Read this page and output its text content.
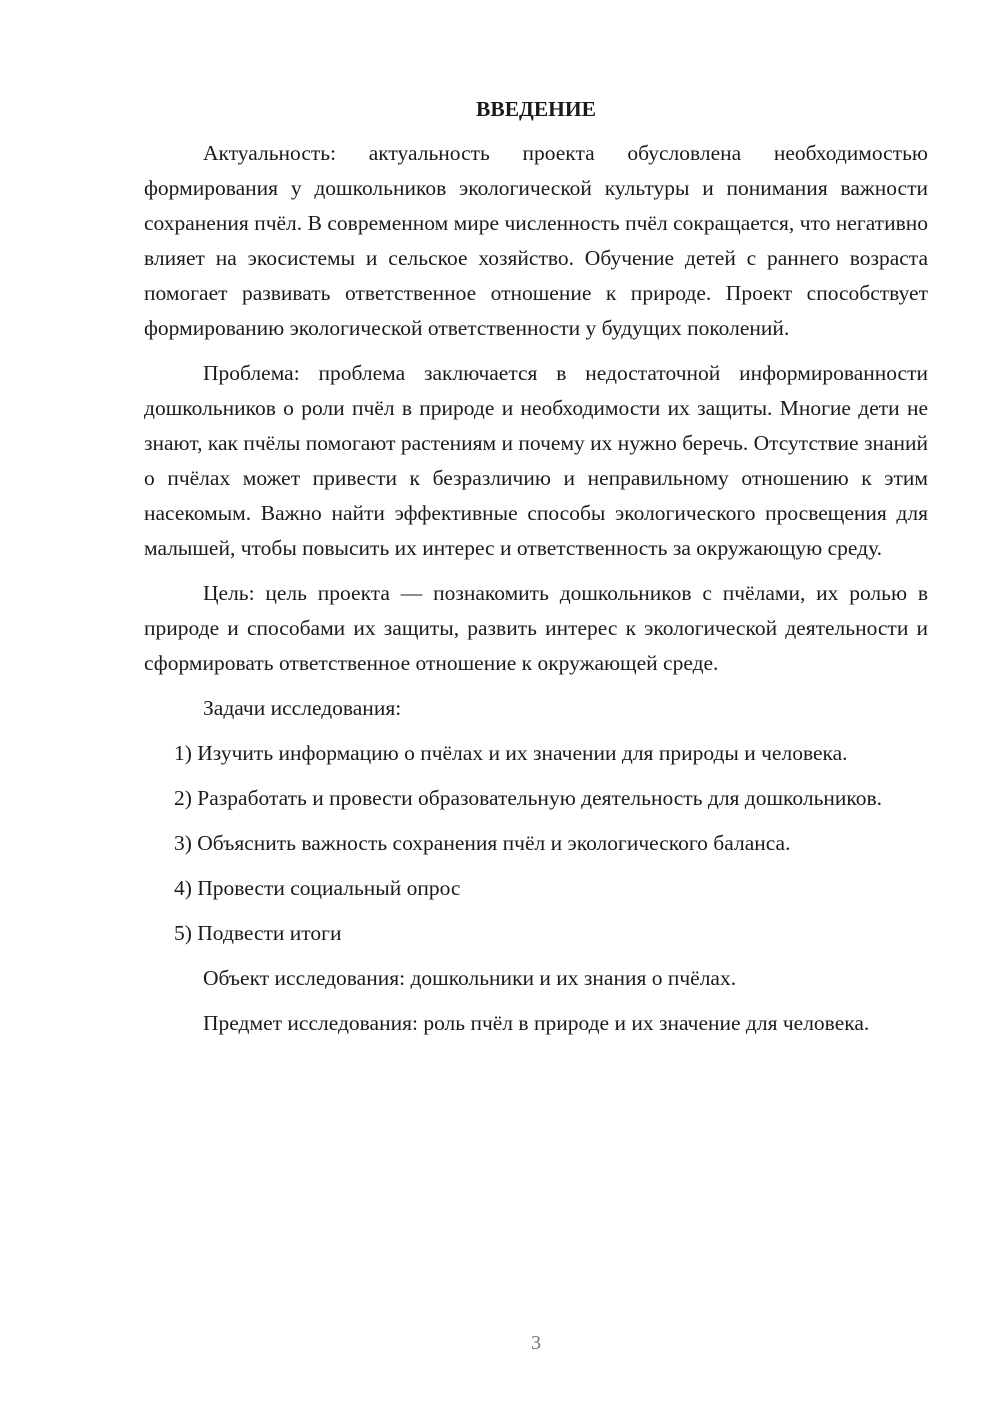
ВВЕДЕНИЕ

Актуальность: актуальность проекта обусловлена необходимостью формирования у дошкольников экологической культуры и понимания важности сохранения пчёл. В современном мире численность пчёл сокращается, что негативно влияет на экосистемы и сельское хозяйство. Обучение детей с раннего возраста помогает развивать ответственное отношение к природе. Проект способствует формированию экологической ответственности у будущих поколений.

Проблема: проблема заключается в недостаточной информированности дошкольников о роли пчёл в природе и необходимости их защиты. Многие дети не знают, как пчёлы помогают растениям и почему их нужно беречь. Отсутствие знаний о пчёлах может привести к безразличию и неправильному отношению к этим насекомым. Важно найти эффективные способы экологического просвещения для малышей, чтобы повысить их интерес и ответственность за окружающую среду.

Цель: цель проекта — познакомить дошкольников с пчёлами, их ролью в природе и способами их защиты, развить интерес к экологической деятельности и сформировать ответственное отношение к окружающей среде.

Задачи исследования:

1) Изучить информацию о пчёлах и их значении для природы и человека.

2) Разработать и провести образовательную деятельность для дошкольников.

3) Объяснить важность сохранения пчёл и экологического баланса.

4) Провести социальный опрос

5) Подвести итоги

Объект исследования: дошкольники и их знания о пчёлах.

Предмет исследования: роль пчёл в природе и их значение для человека.

3
